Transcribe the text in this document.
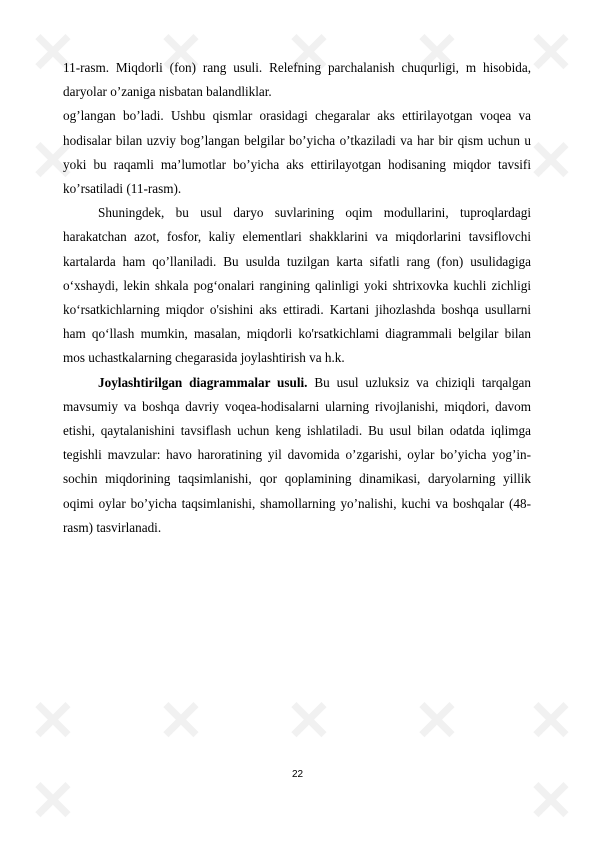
✕ ✕ ✕ ✕ ✕
✕	✕
✕ ✕ ✕ ✕ ✕
✕	✕

11-rasm. Miqdorli (fon) rang usuli. Relefning parchalanish chuqurligi, m hisobida, daryolar o’zaniga nisbatan balandliklar.

og’langan bo’ladi. Ushbu qismlar orasidagi chegaralar aks ettirilayotgan voqea va hodisalar bilan uzviy bog’langan belgilar bo’yicha o’tkaziladi va har bir qism uchun u yoki bu raqamli ma’lumotlar bo’yicha aks ettirilayotgan hodisaning miqdor tavsifi ko’rsatiladi (11-rasm).

Shuningdek, bu usul daryo suvlarining oqim modullarini, tuproqlardagi harakatchan azot, fosfor, kaliy elementlari shakklarini va miqdorlarini tavsiflovchi kartalarda ham qo’llaniladi. Bu usulda tuzilgan karta sifatli rang (fon) usulidagiga o‘xshaydi, lekin shkala pog‘onalari rangining qalinligi yoki shtrixovka kuchli zichligi ko‘rsatkichlarning miqdor o'sishini aks ettiradi. Kartani jihozlashda boshqa usullarni ham qo‘llash mumkin, masalan, miqdorli ko'rsatkichlami diagrammali belgilar bilan mos uchastkalarning chegarasida joylashtirish va h.k.

Joylashtirilgan diagrammalar usuli. Bu usul uzluksiz va chiziqli tarqalgan mavsumiy va boshqa davriy voqea-hodisalarni ularning rivojlanishi, miqdori, davom etishi, qaytalanishini tavsiflash uchun keng ishlatiladi. Bu usul bilan odatda iqlimga tegishli mavzular: havo haroratining yil davomida o’zgarishi, oylar bo’yicha yog’in-sochin miqdorining taqsimlanishi, qor qoplamining dinamikasi, daryolarning yillik oqimi oylar bo’yicha taqsimlanishi, shamollarning yo’nalishi, kuchi va boshqalar (48-rasm) tasvirlanadi.

22
